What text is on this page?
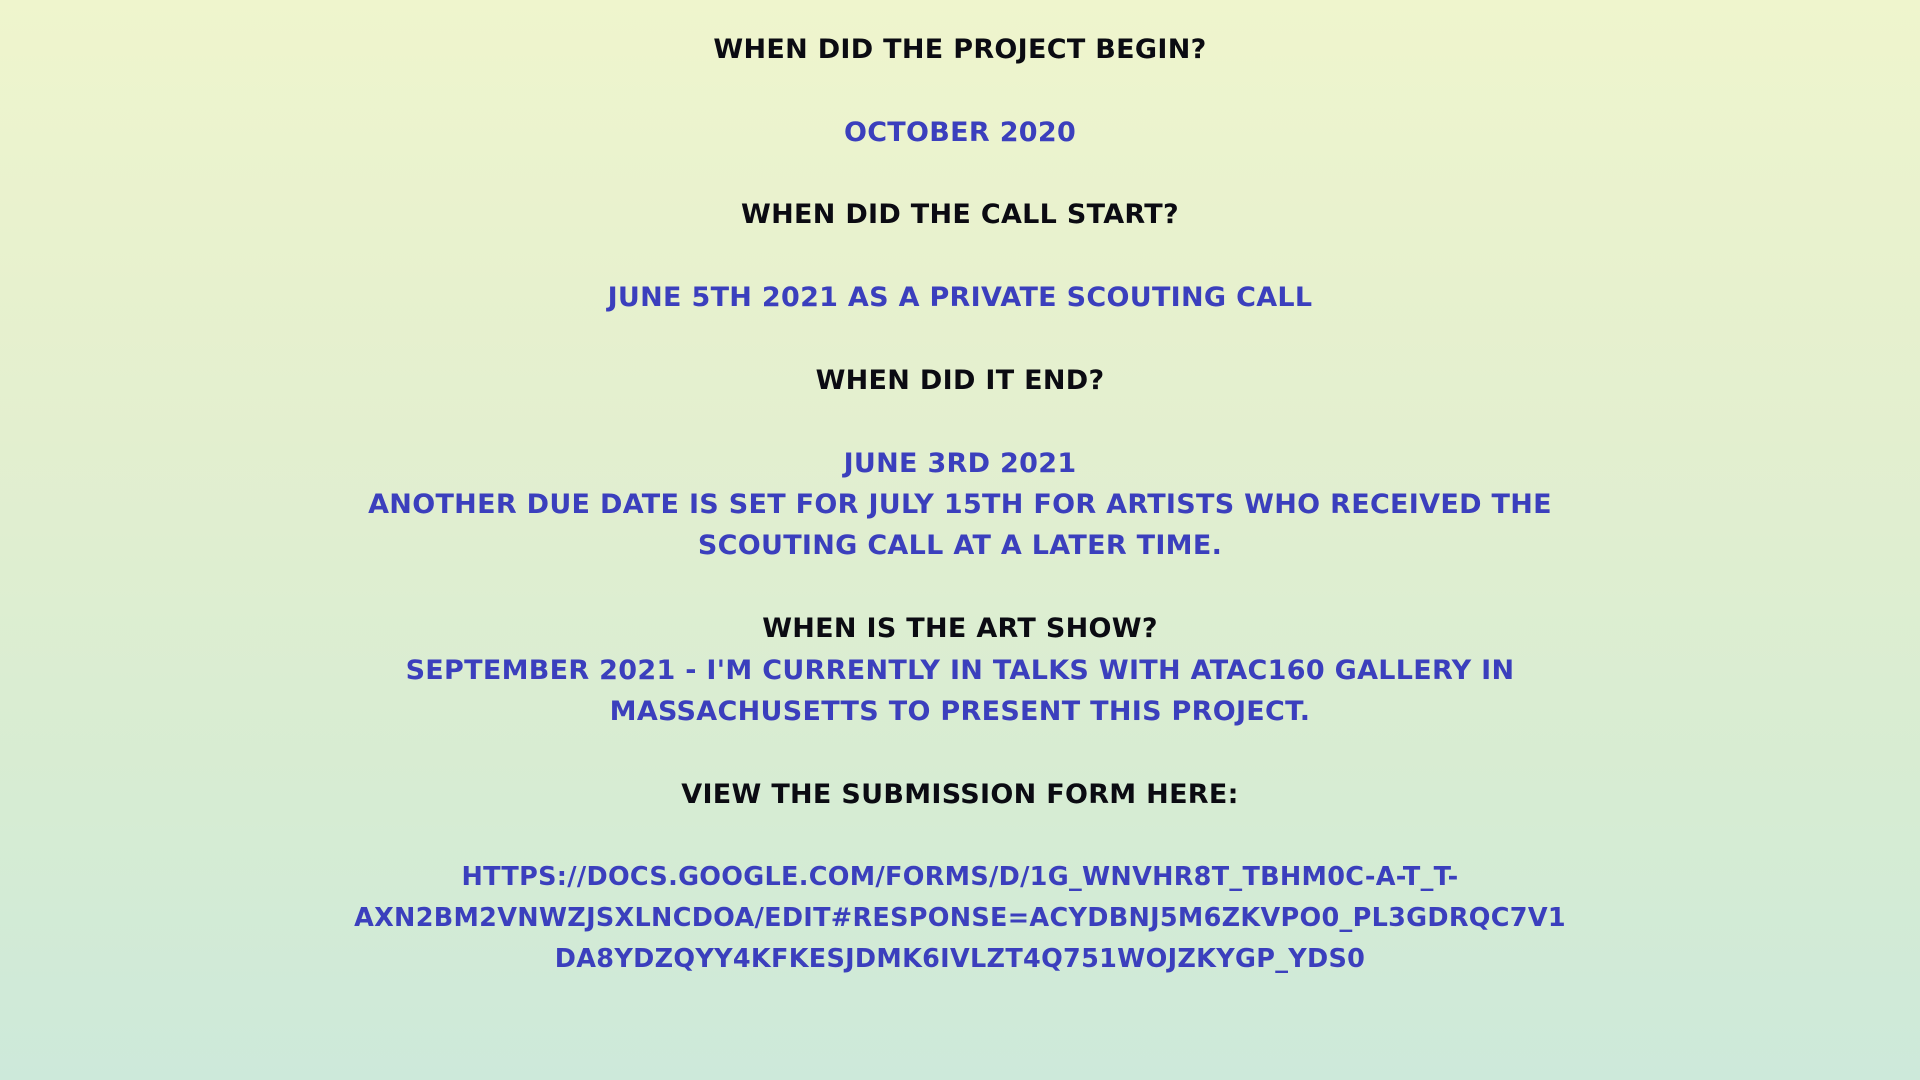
WHEN DID THE PROJECT BEGIN?
OCTOBER 2020
WHEN DID THE CALL START?
JUNE 5TH 2021 AS A PRIVATE SCOUTING CALL
WHEN DID IT END?
JUNE 3RD 2021
ANOTHER DUE DATE IS SET FOR JULY 15TH FOR ARTISTS WHO RECEIVED THE
SCOUTING CALL AT A LATER TIME.
WHEN IS THE ART SHOW?
SEPTEMBER 2021 - I'M CURRENTLY IN TALKS WITH ATAC160 GALLERY IN
MASSACHUSETTS TO PRESENT THIS PROJECT.
VIEW THE SUBMISSION FORM HERE:
HTTPS://DOCS.GOOGLE.COM/FORMS/D/1G_WNVHR8T_TBHM0C-A-T_T-
AXN2BM2VNWZJSXLNCDOA/EDIT#RESPONSE=ACYDBNJ5M6ZKVPO0_PL3GDRQC7V1
DA8YDZQYY4KFKESJDMK6IVLZT4Q751WOJZKYGP_YDS0
